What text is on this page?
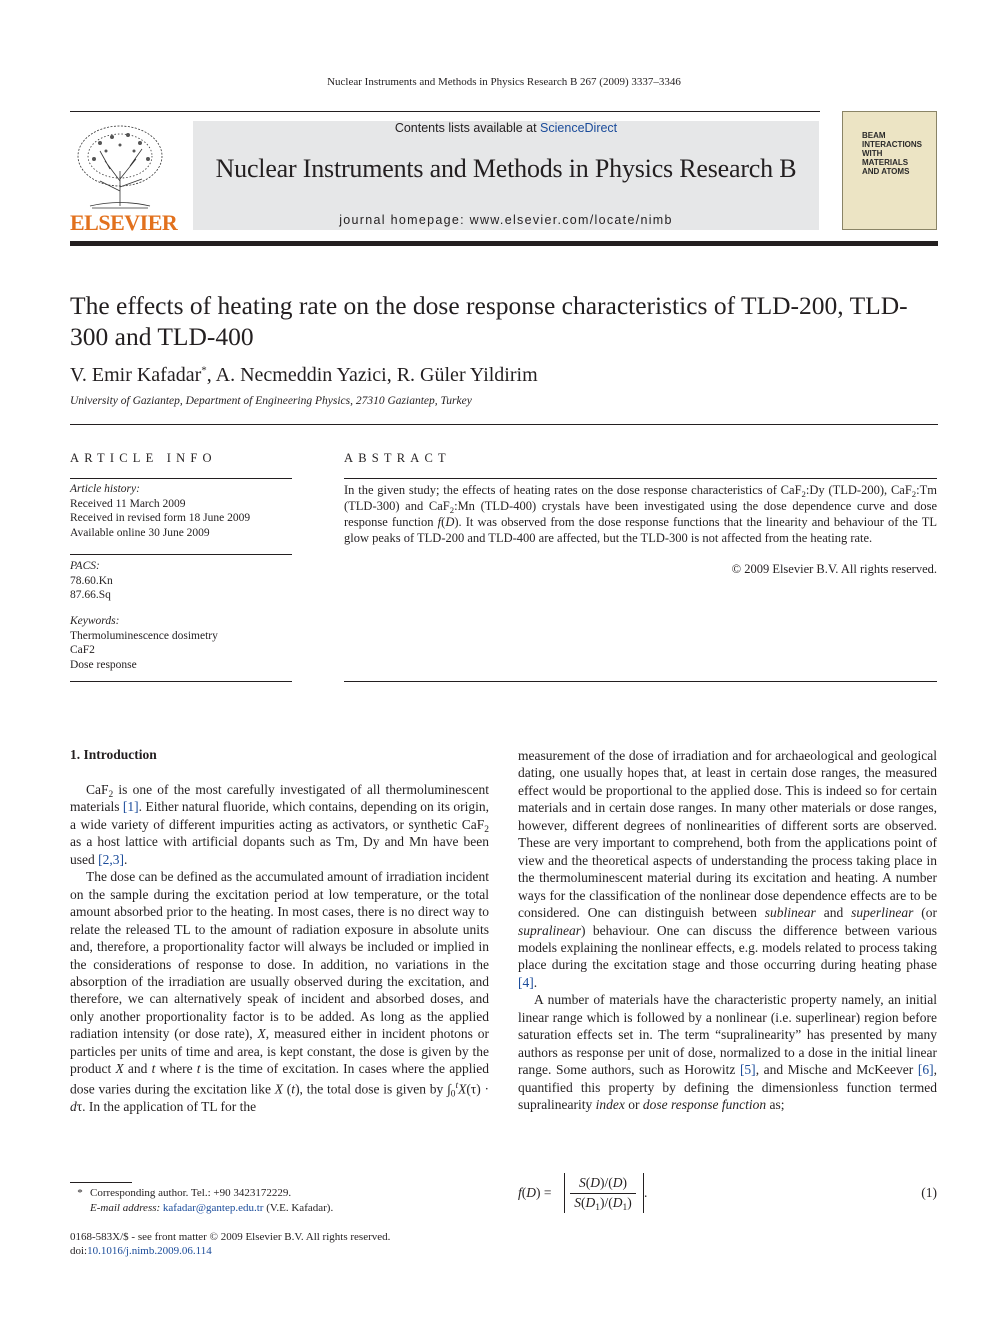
Nuclear Instruments and Methods in Physics Research B 267 (2009) 3337–3346
ELSEVIER
Contents lists available at ScienceDirect
Nuclear Instruments and Methods in Physics Research B
journal homepage: www.elsevier.com/locate/nimb
BEAM
INTERACTIONS
WITH
MATERIALS
AND ATOMS
The effects of heating rate on the dose response characteristics of TLD-200, TLD-300 and TLD-400
V. Emir Kafadar*, A. Necmeddin Yazici, R. Güler Yildirim
University of Gaziantep, Department of Engineering Physics, 27310 Gaziantep, Turkey
ARTICLE INFO
Article history:
Received 11 March 2009
Received in revised form 18 June 2009
Available online 30 June 2009
PACS:
78.60.Kn
87.66.Sq
Keywords:
Thermoluminescence dosimetry
CaF2
Dose response
ABSTRACT
In the given study; the effects of heating rates on the dose response characteristics of CaF$_2$:Dy (TLD-200), CaF$_2$:Tm (TLD-300) and CaF$_2$:Mn (TLD-400) crystals have been investigated using the dose dependence curve and dose response function f(D). It was observed from the dose response functions that the linearity and behaviour of the TL glow peaks of TLD-200 and TLD-400 are affected, but the TLD-300 is not affected from the heating rate.
© 2009 Elsevier B.V. All rights reserved.
1. Introduction

CaF$_2$ is one of the most carefully investigated of all thermoluminescent materials [1]. Either natural fluoride, which contains, depending on its origin, a wide variety of different impurities acting as activators, or synthetic CaF$_2$ as a host lattice with artificial dopants such as Tm, Dy and Mn have been used [2,3].

The dose can be defined as the accumulated amount of irradiation incident on the sample during the excitation period at low temperature, or the total amount absorbed prior to the heating. In most cases, there is no direct way to relate the released TL to the amount of radiation exposure in absolute units and, therefore, a proportionality factor will always be included or implied in the considerations of response to dose. In addition, no variations in the absorption of the irradiation are usually observed during the excitation, and therefore, we can alternatively speak of incident and absorbed doses, and only another proportionality factor is to be added. As long as the applied radiation intensity (or dose rate), X, measured either in incident photons or particles per units of time and area, is kept constant, the dose is given by the product X and t where t is the time of excitation. In cases where the applied dose varies during the excitation like X (t), the total dose is given by $\int_0^tX(\tau) \cdot d\tau$. In the application of TL for the

measurement of the dose of irradiation and for archaeological and geological dating, one usually hopes that, at least in certain dose ranges, the measured effect would be proportional to the applied dose. This is indeed so for certain materials and in certain dose ranges. In many other materials or dose ranges, however, different degrees of nonlinearities of different sorts are observed. These are very important to comprehend, both from the applications point of view and the theoretical aspects of understanding the process taking place in the thermoluminescent material during its excitation and heating. A number ways for the classification of the nonlinear dose dependence effects are to be considered. One can distinguish between sublinear and superlinear (or supralinear) behaviour. One can discuss the difference between various models explaining the nonlinear effects, e.g. models related to process taking place during the excitation stage and those occurring during heating phase [4].

A number of materials have the characteristic property namely, an initial linear range which is followed by a nonlinear (i.e. superlinear) region before saturation effects set in. The term “supralinearity” has presented by many authors as response per unit of dose, normalized to a dose in the initial linear range. Some authors, such as Horowitz [5], and Mische and McKeever [6], quantified this property by defining the dimensionless function termed supralinearity index or dose response function as;

f(D) =
S(D)/(D)
$S(D_1)/(D_1)$
.	(1)
* Corresponding author. Tel.: +90 3423172229.
E-mail address: kafadar@gantep.edu.tr (V.E. Kafadar).
0168-583X/$ - see front matter © 2009 Elsevier B.V. All rights reserved.
doi:10.1016/j.nimb.2009.06.114
